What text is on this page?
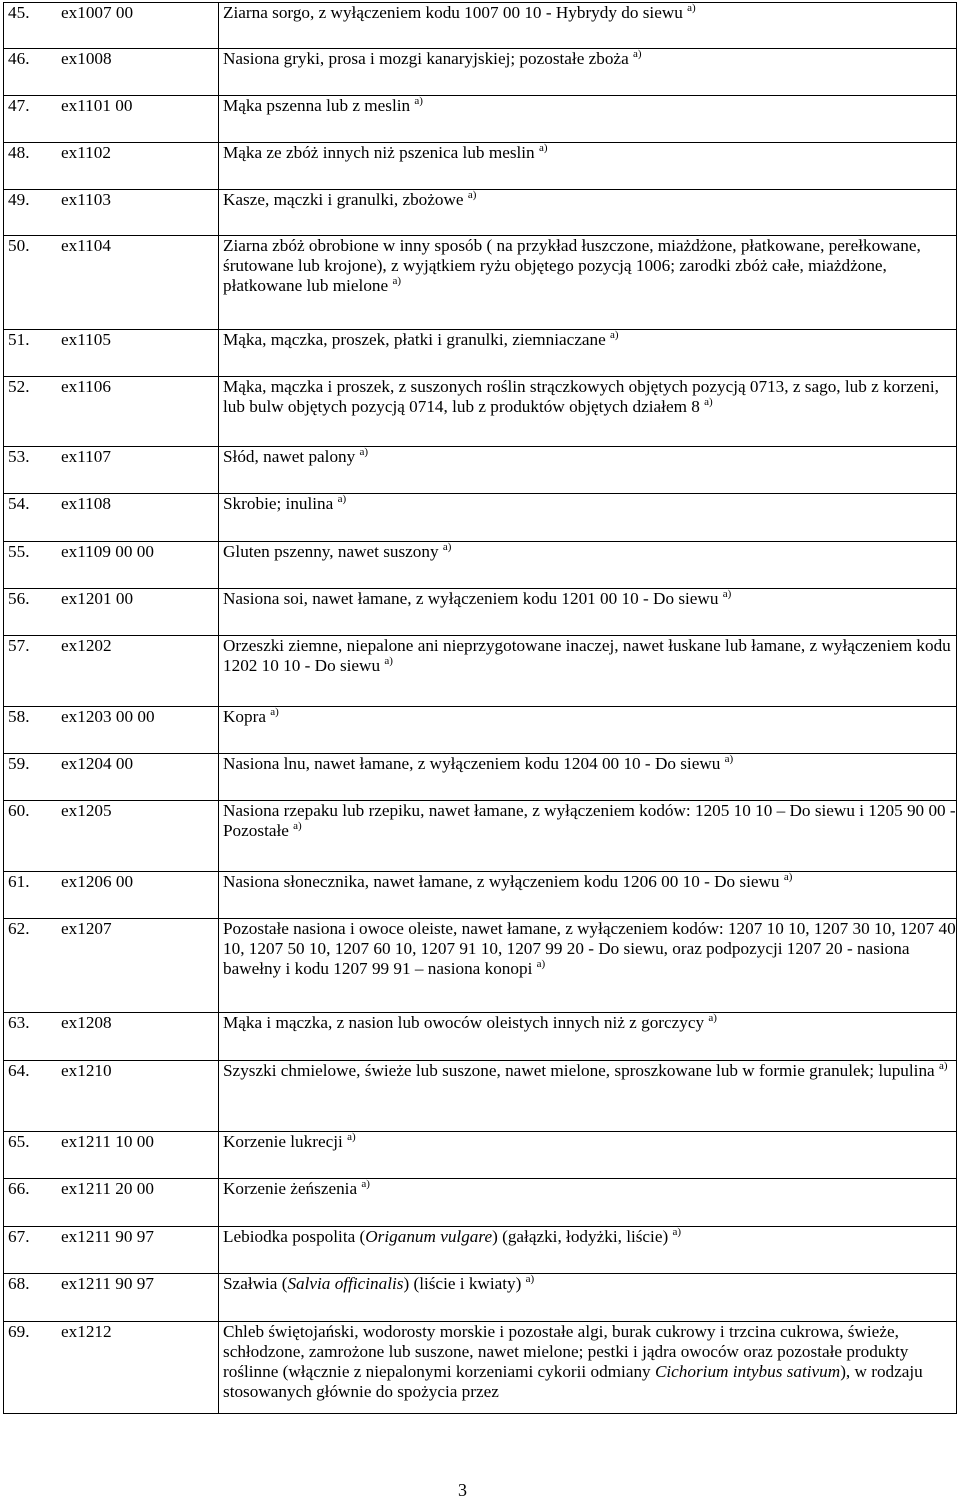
45. ex1007 00	Ziarna sorgo, z wyłączeniem kodu 1007 00 10 - Hybrydy do siewu $^{a)}$
46. ex1008	Nasiona gryki, prosa i mozgi kanaryjskiej; pozostałe zboża $^{a)}$
47. ex1101 00	Mąka pszenna lub z meslin $^{a)}$
48. ex1102	Mąka ze zbóż innych niż pszenica lub meslin $^{a)}$
49. ex1103	Kasze, mączki i granulki, zbożowe $^{a)}$
50. ex1104	Ziarna zbóż obrobione w inny sposób ( na przykład łuszczone, miażdżone, płatkowane, perełkowane, śrutowane lub krojone), z wyjątkiem ryżu objętego pozycją 1006; zarodki zbóż całe, miażdżone, płatkowane lub mielone $^{a)}$
51. ex1105	Mąka, mączka, proszek, płatki i granulki, ziemniaczane $^{a)}$
52. ex1106	Mąka, mączka i proszek, z suszonych roślin strączkowych objętych pozycją 0713, z sago, lub z korzeni, lub bulw objętych pozycją 0714, lub z produktów objętych działem 8 $^{a)}$
53. ex1107	Słód, nawet palony $^{a)}$
54. ex1108	Skrobie; inulina $^{a)}$
55. ex1109 00 00	Gluten pszenny, nawet suszony $^{a)}$
56. ex1201 00	Nasiona soi, nawet łamane, z wyłączeniem kodu 1201 00 10 - Do siewu $^{a)}$
57. ex1202	Orzeszki ziemne, niepalone ani nieprzygotowane inaczej, nawet łuskane lub łamane, z wyłączeniem kodu 1202 10 10 - Do siewu $^{a)}$
58. ex1203 00 00	Kopra $^{a)}$
59. ex1204 00	Nasiona lnu, nawet łamane, z wyłączeniem kodu 1204 00 10 - Do siewu $^{a)}$
60. ex1205	Nasiona rzepaku lub rzepiku, nawet łamane, z wyłączeniem kodów: 1205 10 10 – Do siewu i 1205 90 00 - Pozostałe $^{a)}$
61. ex1206 00	Nasiona słonecznika, nawet łamane, z wyłączeniem kodu 1206 00 10 - Do siewu $^{a)}$
62. ex1207	Pozostałe nasiona i owoce oleiste, nawet łamane, z wyłączeniem kodów: 1207 10 10, 1207 30 10, 1207 40 10, 1207 50 10, 1207 60 10, 1207 91 10, 1207 99 20 - Do siewu, oraz podpozycji 1207 20 - nasiona bawełny i kodu 1207 99 91 – nasiona konopi $^{a)}$
63. ex1208	Mąka i mączka, z nasion lub owoców oleistych innych niż z gorczycy $^{a)}$
64. ex1210	Szyszki chmielowe, świeże lub suszone, nawet mielone, sproszkowane lub w formie granulek; lupulina $^{a)}$
65. ex1211 10 00	Korzenie lukrecji $^{a)}$
66. ex1211 20 00	Korzenie żeńszenia $^{a)}$
67. ex1211 90 97	Lebiodka pospolita (Origanum vulgare) (gałązki, łodyżki, liście) $^{a)}$
68. ex1211 90 97	Szałwia (Salvia officinalis) (liście i kwiaty) $^{a)}$
69. ex1212	Chleb świętojański, wodorosty morskie i pozostałe algi, burak cukrowy i trzcina cukrowa, świeże, schłodzone, zamrożone lub suszone, nawet mielone; pestki i jądra owoców oraz pozostałe produkty roślinne (włącznie z niepalonymi korzeniami cykorii odmiany Cichorium intybus sativum), w rodzaju stosowanych głównie do spożycia przez
3
